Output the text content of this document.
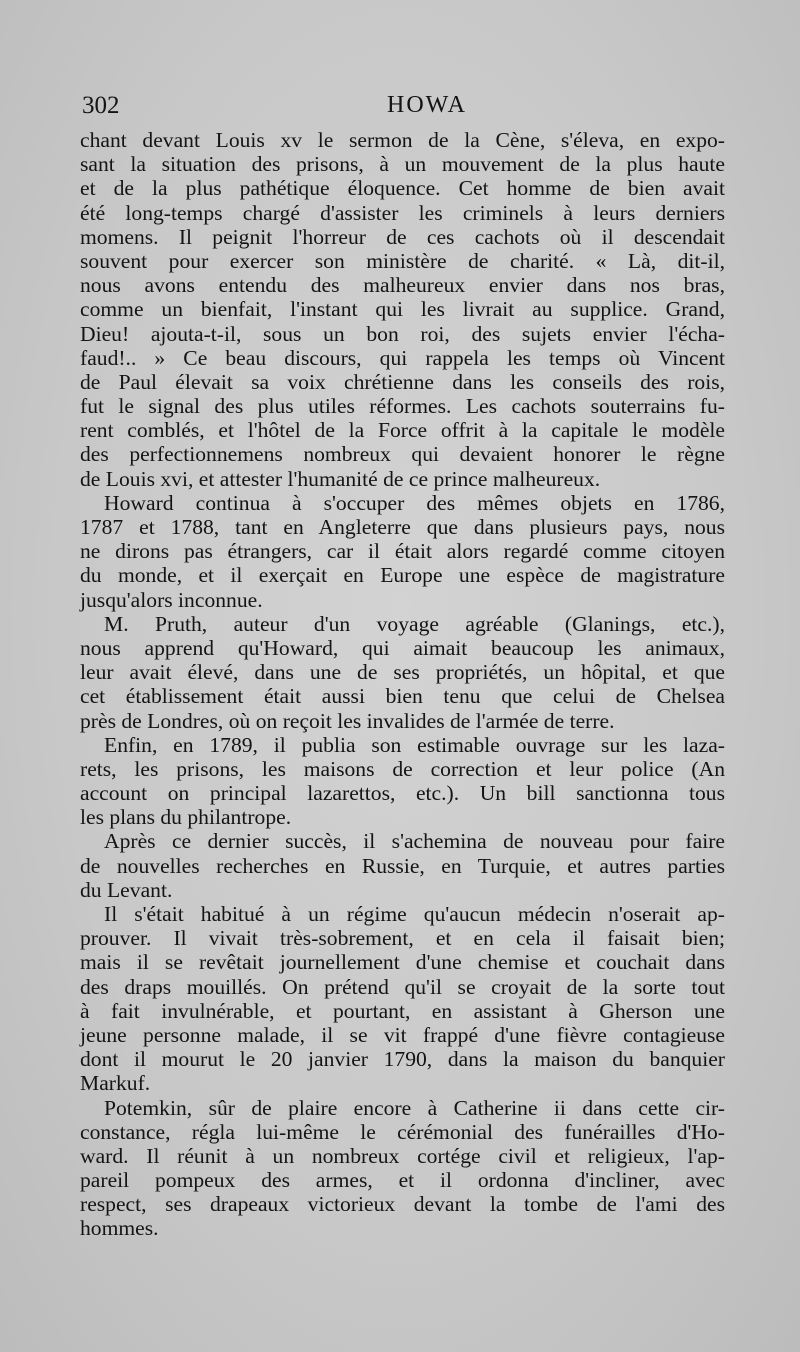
302	HOWA
chant devant Louis xv le sermon de la Cène, s'éleva, en expo-
sant la situation des prisons, à un mouvement de la plus haute
et de la plus pathétique éloquence. Cet homme de bien avait
été long-temps chargé d'assister les criminels à leurs derniers
momens. Il peignit l'horreur de ces cachots où il descendait
souvent pour exercer son ministère de charité. « Là, dit-il,
nous avons entendu des malheureux envier dans nos bras,
comme un bienfait, l'instant qui les livrait au supplice. Grand,
Dieu! ajouta-t-il, sous un bon roi, des sujets envier l'écha-
faud!.. » Ce beau discours, qui rappela les temps où Vincent
de Paul élevait sa voix chrétienne dans les conseils des rois,
fut le signal des plus utiles réformes. Les cachots souterrains fu-
rent comblés, et l'hôtel de la Force offrit à la capitale le modèle
des perfectionnemens nombreux qui devaient honorer le règne
de Louis xvi, et attester l'humanité de ce prince malheureux.
Howard continua à s'occuper des mêmes objets en 1786,
1787 et 1788, tant en Angleterre que dans plusieurs pays, nous
ne dirons pas étrangers, car il était alors regardé comme citoyen
du monde, et il exerçait en Europe une espèce de magistrature
jusqu'alors inconnue.
M. Pruth, auteur d'un voyage agréable (Glanings, etc.),
nous apprend qu'Howard, qui aimait beaucoup les animaux,
leur avait élevé, dans une de ses propriétés, un hôpital, et que
cet établissement était aussi bien tenu que celui de Chelsea
près de Londres, où on reçoit les invalides de l'armée de terre.
Enfin, en 1789, il publia son estimable ouvrage sur les laza-
rets, les prisons, les maisons de correction et leur police (An
account on principal lazarettos, etc.). Un bill sanctionna tous
les plans du philantrope.
Après ce dernier succès, il s'achemina de nouveau pour faire
de nouvelles recherches en Russie, en Turquie, et autres parties
du Levant.
Il s'était habitué à un régime qu'aucun médecin n'oserait ap-
prouver. Il vivait très-sobrement, et en cela il faisait bien;
mais il se revêtait journellement d'une chemise et couchait dans
des draps mouillés. On prétend qu'il se croyait de la sorte tout
à fait invulnérable, et pourtant, en assistant à Gherson une
jeune personne malade, il se vit frappé d'une fièvre contagieuse
dont il mourut le 20 janvier 1790, dans la maison du banquier
Markuf.
Potemkin, sûr de plaire encore à Catherine ii dans cette cir-
constance, régla lui-même le cérémonial des funérailles d'Ho-
ward. Il réunit à un nombreux cortége civil et religieux, l'ap-
pareil pompeux des armes, et il ordonna d'incliner, avec
respect, ses drapeaux victorieux devant la tombe de l'ami des
hommes.
